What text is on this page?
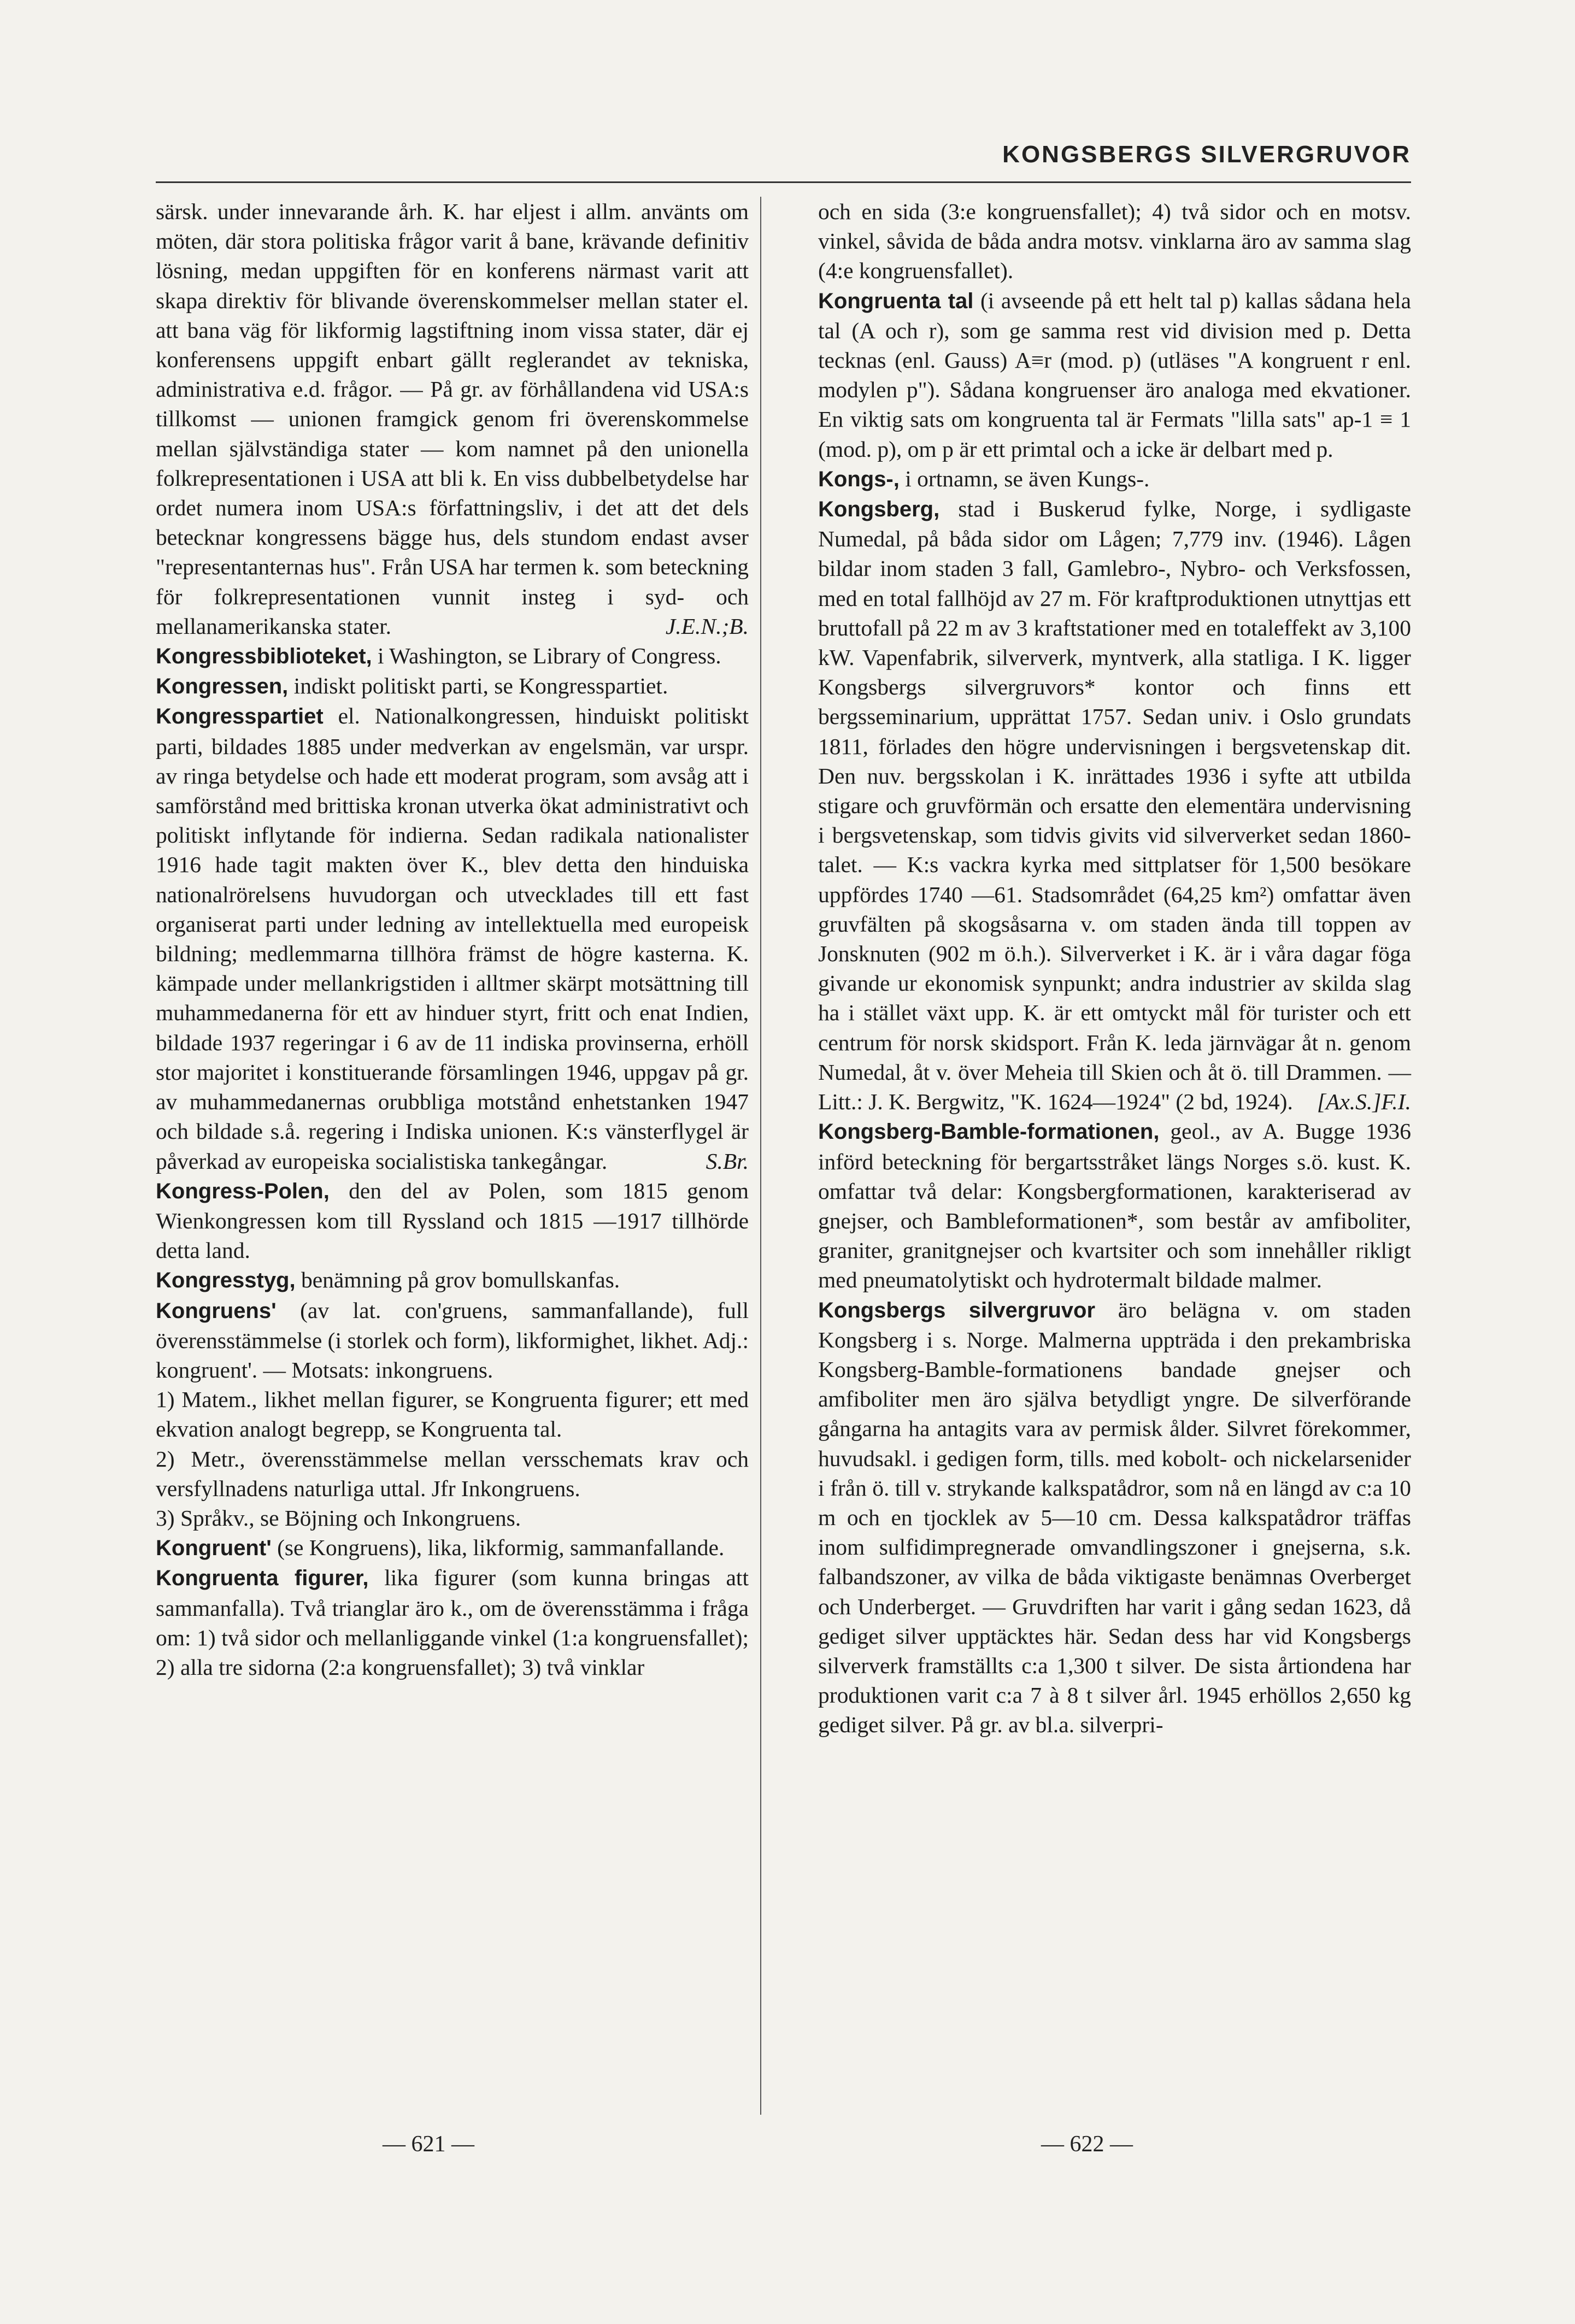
KONGSBERGS SILVERGRUVOR
särsk. under innevarande årh. K. har eljest i allm. använts om möten, där stora politiska frågor varit å bane, krävande definitiv lösning, medan uppgiften för en konferens närmast varit att skapa direktiv för blivande överenskommelser mellan stater el. att bana väg för likformig lagstiftning inom vissa stater, där ej konferensens uppgift enbart gällt reglerandet av tekniska, administrativa e.d. frågor. — På gr. av förhållandena vid USA:s tillkomst — unionen framgick genom fri överenskommelse mellan självständiga stater — kom namnet på den unionella folkrepresentationen i USA att bli k. En viss dubbelbetydelse har ordet numera inom USA:s författningsliv, i det att det dels betecknar kongressens bägge hus, dels stundom endast avser "representanternas hus". Från USA har termen k. som beteckning för folkrepresentationen vunnit insteg i syd- och mellanamerikanska stater.	J.E.N.;B.
Kongressbiblioteket, i Washington, se Library of Congress.
Kongressen, indiskt politiskt parti, se Kongresspartiet.
Kongresspartiet el. Nationalkongressen, hinduiskt politiskt parti, bildades 1885 under medverkan av engelsmän, var urspr. av ringa betydelse och hade ett moderat program, som avsåg att i samförstånd med brittiska kronan utverka ökat administrativt och politiskt inflytande för indierna. Sedan radikala nationalister 1916 hade tagit makten över K., blev detta den hinduiska nationalrörelsens huvudorgan och utvecklades till ett fast organiserat parti under ledning av intellektuella med europeisk bildning; medlemmarna tillhöra främst de högre kasterna. K. kämpade under mellankrigstiden i alltmer skärpt motsättning till muhammedanerna för ett av hinduer styrt, fritt och enat Indien, bildade 1937 regeringar i 6 av de 11 indiska provinserna, erhöll stor majoritet i konstituerande församlingen 1946, uppgav på gr. av muhammedanernas orubbliga motstånd enhetstanken 1947 och bildade s.å. regering i Indiska unionen. K:s vänsterflygel är påverkad av europeiska socialistiska tankegångar.	S.Br.
Kongress-Polen, den del av Polen, som 1815 genom Wienkongressen kom till Ryssland och 1815 —1917 tillhörde detta land.
Kongresstyg, benämning på grov bomullskanfas.
Kongruens' (av lat. con'gruens, sammanfallande), full överensstämmelse (i storlek och form), likformighet, likhet. Adj.: kongruent'. — Motsats: inkongruens.
1) Matem., likhet mellan figurer, se Kongruenta figurer; ett med ekvation analogt begrepp, se Kongruenta tal.
2) Metr., överensstämmelse mellan versschemats krav och versfyllnadens naturliga uttal. Jfr Inkongruens.
3) Språkv., se Böjning och Inkongruens.
Kongruent' (se Kongruens), lika, likformig, sammanfallande.
Kongruenta figurer, lika figurer (som kunna bringas att sammanfalla). Två trianglar äro k., om de överensstämma i fråga om: 1) två sidor och mellanliggande vinkel (1:a kongruensfallet); 2) alla tre sidorna (2:a kongruensfallet); 3) två vinklar
och en sida (3:e kongruensfallet); 4) två sidor och en motsv. vinkel, såvida de båda andra motsv. vinklarna äro av samma slag (4:e kongruensfallet).
Kongruenta tal (i avseende på ett helt tal p) kallas sådana hela tal (A och r), som ge samma rest vid division med p. Detta tecknas (enl. Gauss) A≡r (mod. p) (utläses "A kongruent r enl. modylen p"). Sådana kongruenser äro analoga med ekvationer. En viktig sats om kongruenta tal är Fermats "lilla sats" ap-1 ≡ 1 (mod. p), om p är ett primtal och a icke är delbart med p.
Kongs-, i ortnamn, se även Kungs-.
Kongsberg, stad i Buskerud fylke, Norge, i sydligaste Numedal, på båda sidor om Lågen; 7,779 inv. (1946). Lågen bildar inom staden 3 fall, Gamlebro-, Nybro- och Verksfossen, med en total fallhöjd av 27 m. För kraftproduktionen utnyttjas ett bruttofall på 22 m av 3 kraftstationer med en totaleffekt av 3,100 kW. Vapenfabrik, silververk, myntverk, alla statliga. I K. ligger Kongsbergs silvergruvors* kontor och finns ett bergsseminarium, upprättat 1757. Sedan univ. i Oslo grundats 1811, förlades den högre undervisningen i bergsvetenskap dit. Den nuv. bergsskolan i K. inrättades 1936 i syfte att utbilda stigare och gruvförmän och ersatte den elementära undervisning i bergsvetenskap, som tidvis givits vid silververket sedan 1860-talet. — K:s vackra kyrka med sittplatser för 1,500 besökare uppfördes 1740 —61. Stadsområdet (64,25 km²) omfattar även gruvfälten på skogsåsarna v. om staden ända till toppen av Jonsknuten (902 m ö.h.). Silververket i K. är i våra dagar föga givande ur ekonomisk synpunkt; andra industrier av skilda slag ha i stället växt upp. K. är ett omtyckt mål för turister och ett centrum för norsk skidsport. Från K. leda järnvägar åt n. genom Numedal, åt v. över Meheia till Skien och åt ö. till Drammen. — Litt.: J. K. Bergwitz, "K. 1624—1924" (2 bd, 1924). [Ax.S.]F.I.
Kongsberg-Bamble-formationen, geol., av A. Bugge 1936 införd beteckning för bergartsstråket längs Norges s.ö. kust. K. omfattar två delar: Kongsbergformationen, karakteriserad av gnejser, och Bambleformationen*, som består av amfiboliter, graniter, granitgnejser och kvartsiter och som innehåller rikligt med pneumatolytiskt och hydrotermalt bildade malmer.
Kongsbergs silvergruvor äro belägna v. om staden Kongsberg i s. Norge. Malmerna uppträda i den prekambriska Kongsberg-Bamble-formationens bandade gnejser och amfiboliter men äro själva betydligt yngre. De silverförande gångarna ha antagits vara av permisk ålder. Silvret förekommer, huvudsakl. i gedigen form, tills. med kobolt- och nickelarsenider i från ö. till v. strykande kalkspatådror, som nå en längd av c:a 10 m och en tjocklek av 5—10 cm. Dessa kalkspatådror träffas inom sulfidimpregnerade omvandlingszoner i gnejserna, s.k. falbandszoner, av vilka de båda viktigaste benämnas Overberget och Underberget. — Gruvdriften har varit i gång sedan 1623, då gediget silver upptäcktes här. Sedan dess har vid Kongsbergs silververk framställts c:a 1,300 t silver. De sista årtiondena har produktionen varit c:a 7 à 8 t silver årl. 1945 erhöllos 2,650 kg gediget silver. På gr. av bl.a. silverpri-
— 621 —	— 622 —
